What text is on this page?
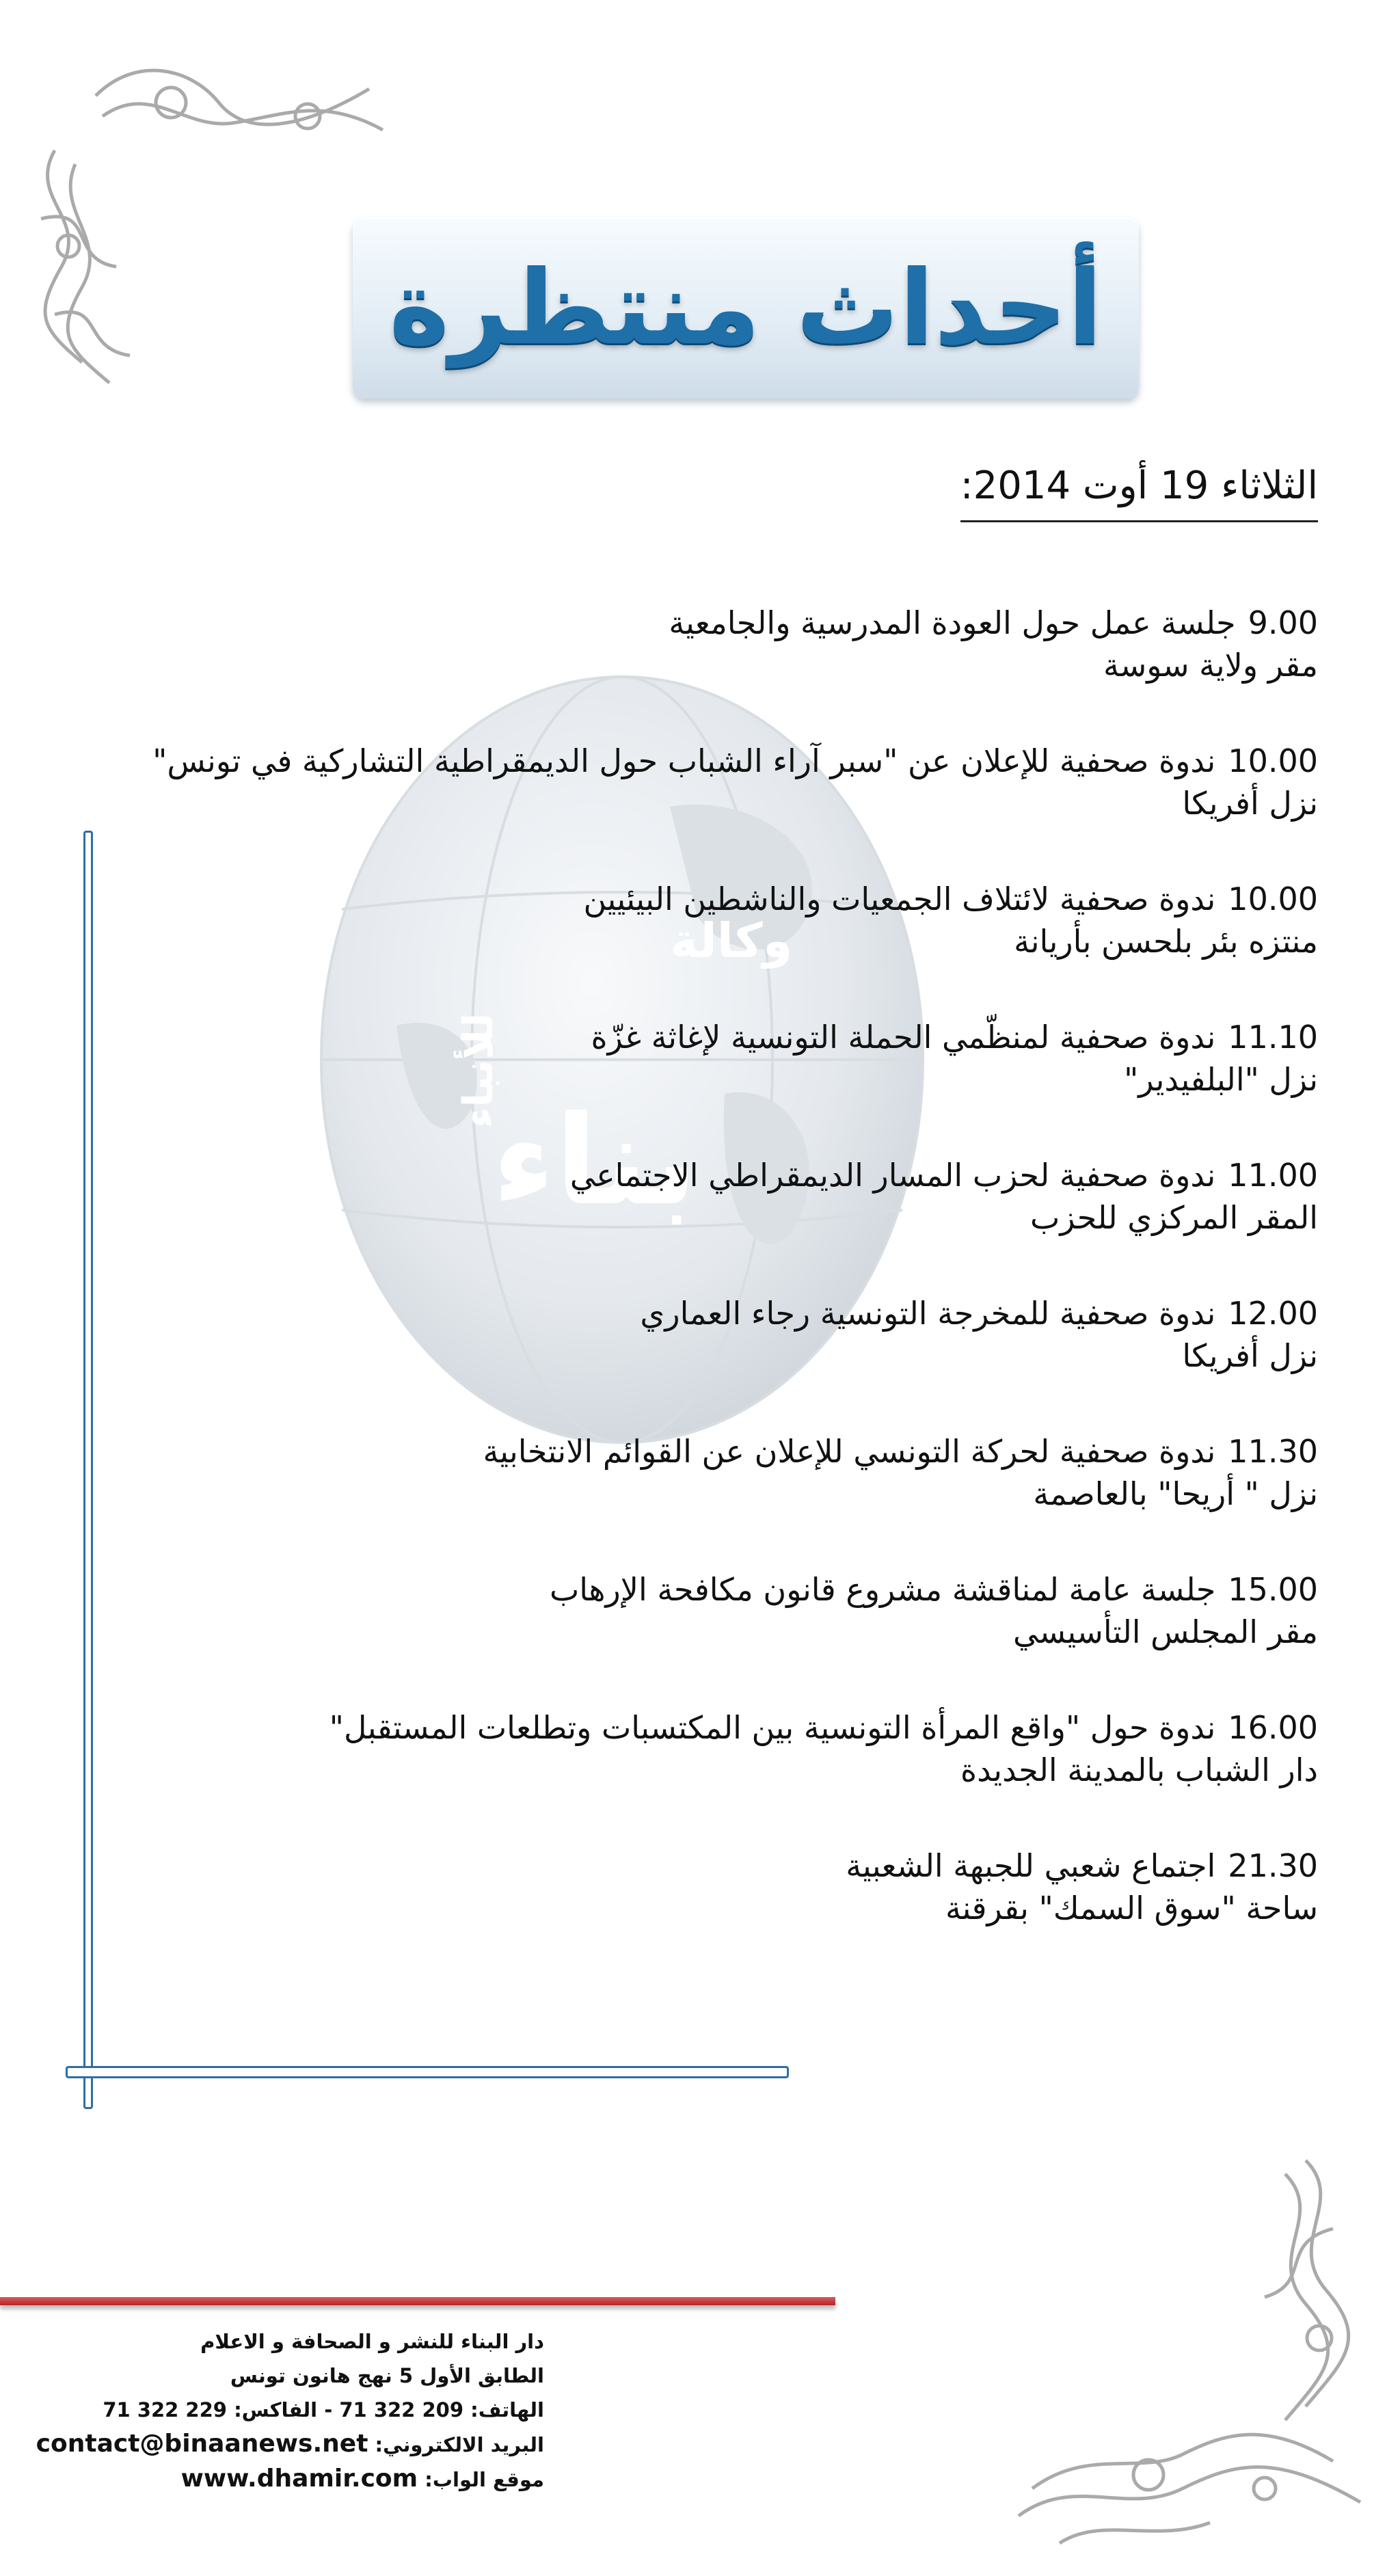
أحداث منتظرة
الثلاثاء 19 أوت 2014:
وكالة
بناء
للأنباء
9.00جلسة عمل حول العودة المدرسية والجامعية
مقر ولاية سوسة
10.00ندوة صحفية للإعلان عن "سبر آراء الشباب حول الديمقراطية التشاركية في تونس"
نزل أفريكا
10.00ندوة صحفية لائتلاف الجمعيات والناشطين البيئيين
منتزه بئر بلحسن بأريانة
11.10ندوة صحفية لمنظّمي الحملة التونسية لإغاثة غزّة
نزل "البلفيدير"
11.00ندوة صحفية لحزب المسار الديمقراطي الاجتماعي
المقر المركزي للحزب
12.00ندوة صحفية للمخرجة التونسية رجاء العماري
نزل أفريكا
11.30ندوة صحفية لحركة التونسي للإعلان عن القوائم الانتخابية
نزل " أريحا" بالعاصمة
15.00جلسة عامة لمناقشة مشروع قانون مكافحة الإرهاب
مقر المجلس التأسيسي
16.00ندوة حول "واقع المرأة التونسية بين المكتسبات وتطلعات المستقبل"
دار الشباب بالمدينة الجديدة
21.30اجتماع شعبي للجبهة الشعبية
ساحة "سوق السمك" بقرقنة
دار البناء للنشر و الصحافة و الاعلام
الطابق الأول 5 نهج هانون تونس
الهاتف: 71 322 209 - الفاكس: 71 322 229
البريد الالكتروني: contact@binaanews.net
موقع الواب: www.dhamir.com
